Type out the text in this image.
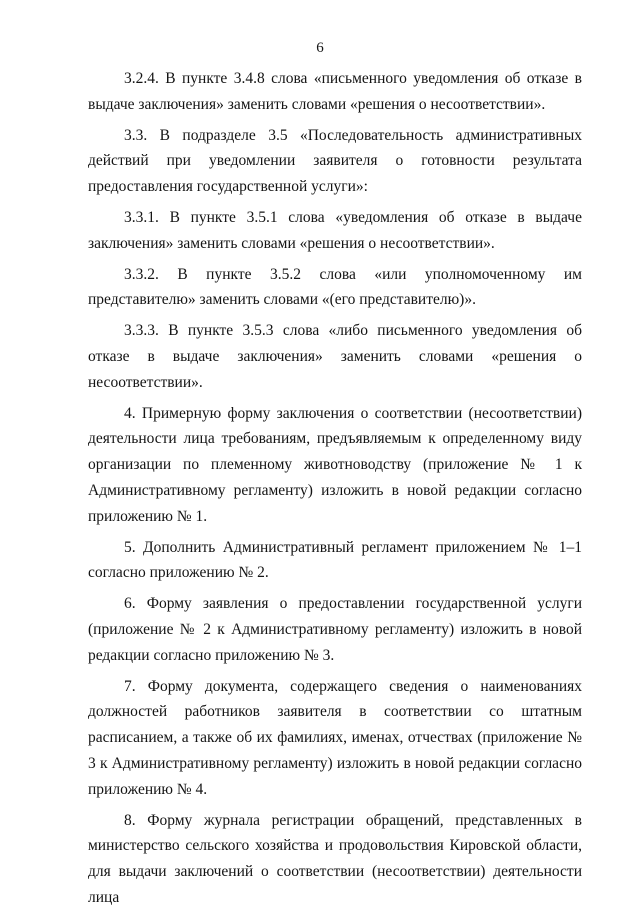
6

3.2.4. В пункте 3.4.8 слова «письменного уведомления об отказе в выдаче заключения» заменить словами «решения о несоответствии».

3.3. В подразделе 3.5 «Последовательность административных действий при уведомлении заявителя о готовности результата предоставления государственной услуги»:

3.3.1. В пункте 3.5.1 слова «уведомления об отказе в выдаче заключения» заменить словами «решения о несоответствии».

3.3.2. В пункте 3.5.2 слова «или уполномоченному им представителю» заменить словами «(его представителю)».

3.3.3. В пункте 3.5.3 слова «либо письменного уведомления об отказе в выдаче заключения» заменить словами «решения о несоответствии».

4. Примерную форму заключения о соответствии (несоответствии) деятельности лица требованиям, предъявляемым к определенному виду организации по племенному животноводству (приложение № 1 к Административному регламенту) изложить в новой редакции согласно приложению № 1.

5. Дополнить Административный регламент приложением № 1–1 согласно приложению № 2.

6. Форму заявления о предоставлении государственной услуги (приложение № 2 к Административному регламенту) изложить в новой редакции согласно приложению № 3.

7. Форму документа, содержащего сведения о наименованиях должностей работников заявителя в соответствии со штатным расписанием, а также об их фамилиях, именах, отчествах (приложение № 3 к Административному регламенту) изложить в новой редакции согласно приложению № 4.

8. Форму журнала регистрации обращений, представленных в министерство сельского хозяйства и продовольствия Кировской области, для выдачи заключений о соответствии (несоответствии) деятельности лица
